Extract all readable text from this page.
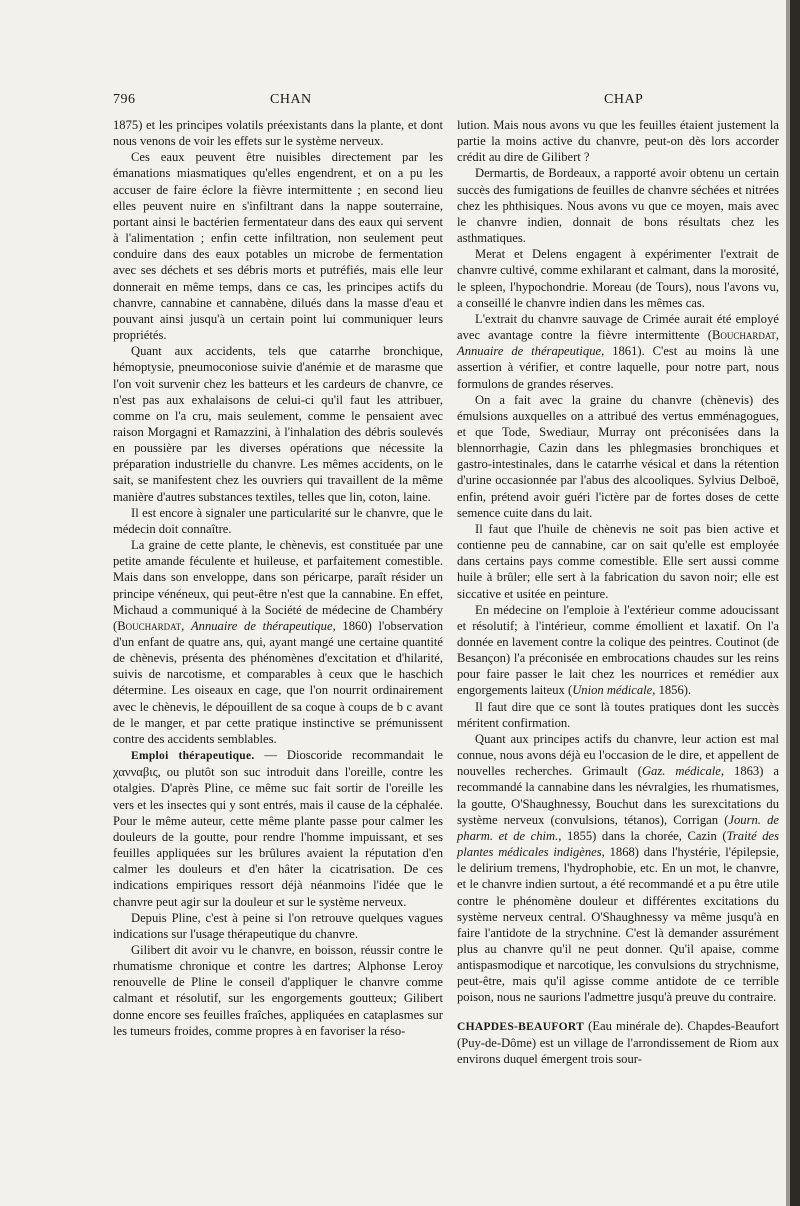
796	CHAN	CHAP

1875) et les principes volatils préexistants dans la plante, et dont nous venons de voir les effets sur le système nerveux.

Ces eaux peuvent être nuisibles directement par les émanations miasmatiques qu'elles engendrent, et on a pu les accuser de faire éclore la fièvre intermittente ; en second lieu elles peuvent nuire en s'infiltrant dans la nappe souterraine, portant ainsi le bactérien fermentateur dans des eaux qui servent à l'alimentation ; enfin cette infiltration, non seulement peut conduire dans des eaux potables un microbe de fermentation avec ses déchets et ses débris morts et putréfiés, mais elle leur donnerait en même temps, dans ce cas, les principes actifs du chanvre, cannabine et cannabène, dilués dans la masse d'eau et pouvant ainsi jusqu'à un certain point lui communiquer leurs propriétés.

Quant aux accidents, tels que catarrhe bronchique, hémoptysie, pneumoconiose suivie d'anémie et de marasme que l'on voit survenir chez les batteurs et les cardeurs de chanvre, ce n'est pas aux exhalaisons de celui-ci qu'il faut les attribuer, comme on l'a cru, mais seulement, comme le pensaient avec raison Morgagni et Ramazzini, à l'inhalation des débris soulevés en poussière par les diverses opérations que nécessite la préparation industrielle du chanvre. Les mêmes accidents, on le sait, se manifestent chez les ouvriers qui travaillent de la même manière d'autres substances textiles, telles que lin, coton, laine.

Il est encore à signaler une particularité sur le chanvre, que le médecin doit connaître.

La graine de cette plante, le chènevis, est constituée par une petite amande féculente et huileuse, et parfaitement comestible. Mais dans son enveloppe, dans son péricarpe, paraît résider un principe vénéneux, qui peut-être n'est que la cannabine. En effet, Michaud a communiqué à la Société de médecine de Chambéry (Bouchardat, Annuaire de thérapeutique, 1860) l'observation d'un enfant de quatre ans, qui, ayant mangé une certaine quantité de chènevis, présenta des phénomènes d'excitation et d'hilarité, suivis de narcotisme, et comparables à ceux que le haschich détermine. Les oiseaux en cage, que l'on nourrit ordinairement avec le chènevis, le dépouillent de sa coque à coups de b c avant de le manger, et par cette pratique instinctive se prémunissent contre des accidents semblables.

Emploi thérapeutique. — Dioscoride recommandait le χανναβις, ou plutôt son suc introduit dans l'oreille, contre les otalgies. D'après Pline, ce même suc fait sortir de l'oreille les vers et les insectes qui y sont entrés, mais il cause de la céphalée. Pour le même auteur, cette même plante passe pour calmer les douleurs de la goutte, pour rendre l'homme impuissant, et ses feuilles appliquées sur les brûlures avaient la réputation d'en calmer les douleurs et d'en hâter la cicatrisation. De ces indications empiriques ressort déjà néanmoins l'idée que le chanvre peut agir sur la douleur et sur le système nerveux.

Depuis Pline, c'est à peine si l'on retrouve quelques vagues indications sur l'usage thérapeutique du chanvre.

Gilibert dit avoir vu le chanvre, en boisson, réussir contre le rhumatisme chronique et contre les dartres; Alphonse Leroy renouvelle de Pline le conseil d'appliquer le chanvre comme calmant et résolutif, sur les engorgements goutteux; Gilibert donne encore ses feuilles fraîches, appliquées en cataplasmes sur les tumeurs froides, comme propres à en favoriser la réso-

lution. Mais nous avons vu que les feuilles étaient justement la partie la moins active du chanvre, peut-on dès lors accorder crédit au dire de Gilibert ?

Dermartis, de Bordeaux, a rapporté avoir obtenu un certain succès des fumigations de feuilles de chanvre séchées et nitrées chez les phthisiques. Nous avons vu que ce moyen, mais avec le chanvre indien, donnait de bons résultats chez les asthmatiques.

Merat et Delens engagent à expérimenter l'extrait de chanvre cultivé, comme exhilarant et calmant, dans la morosité, le spleen, l'hypochondrie. Moreau (de Tours), nous l'avons vu, a conseillé le chanvre indien dans les mêmes cas.

L'extrait du chanvre sauvage de Crimée aurait été employé avec avantage contre la fièvre intermittente (Bouchardat, Annuaire de thérapeutique, 1861). C'est au moins là une assertion à vérifier, et contre laquelle, pour notre part, nous formulons de grandes réserves.

On a fait avec la graine du chanvre (chènevis) des émulsions auxquelles on a attribué des vertus emménagogues, et que Tode, Swediaur, Murray ont préconisées dans la blennorrhagie, Cazin dans les phlegmasies bronchiques et gastro-intestinales, dans le catarrhe vésical et dans la rétention d'urine occasionnée par l'abus des alcooliques. Sylvius Delboë, enfin, prétend avoir guéri l'ictère par de fortes doses de cette semence cuite dans du lait.

Il faut que l'huile de chènevis ne soit pas bien active et contienne peu de cannabine, car on sait qu'elle est employée dans certains pays comme comestible. Elle sert aussi comme huile à brûler; elle sert à la fabrication du savon noir; elle est siccative et usitée en peinture.

En médecine on l'emploie à l'extérieur comme adoucissant et résolutif; à l'intérieur, comme émollient et laxatif. On l'a donnée en lavement contre la colique des peintres. Coutinot (de Besançon) l'a préconisée en embrocations chaudes sur les reins pour faire passer le lait chez les nourrices et remédier aux engorgements laiteux (Union médicale, 1856).

Il faut dire que ce sont là toutes pratiques dont les succès méritent confirmation.

Quant aux principes actifs du chanvre, leur action est mal connue, nous avons déjà eu l'occasion de le dire, et appellent de nouvelles recherches. Grimault (Gaz. médicale, 1863) a recommandé la cannabine dans les névralgies, les rhumatismes, la goutte, O'Shaughnessy, Bouchut dans les surexcitations du système nerveux (convulsions, tétanos), Corrigan (Journ. de pharm. et de chim., 1855) dans la chorée, Cazin (Traité des plantes médicales indigènes, 1868) dans l'hystérie, l'épilepsie, le delirium tremens, l'hydrophobie, etc. En un mot, le chanvre, et le chanvre indien surtout, a été recommandé et a pu être utile contre le phénomène douleur et différentes excitations du système nerveux central. O'Shaughnessy va même jusqu'à en faire l'antidote de la strychnine. C'est là demander assurément plus au chanvre qu'il ne peut donner. Qu'il apaise, comme antispasmodique et narcotique, les convulsions du strychnisme, peut-être, mais qu'il agisse comme antidote de ce terrible poison, nous ne saurions l'admettre jusqu'à preuve du contraire.

CHAPDES-BEAUFORT (Eau minérale de). Chapdes-Beaufort (Puy-de-Dôme) est un village de l'arrondissement de Riom aux environs duquel émergent trois sour-
